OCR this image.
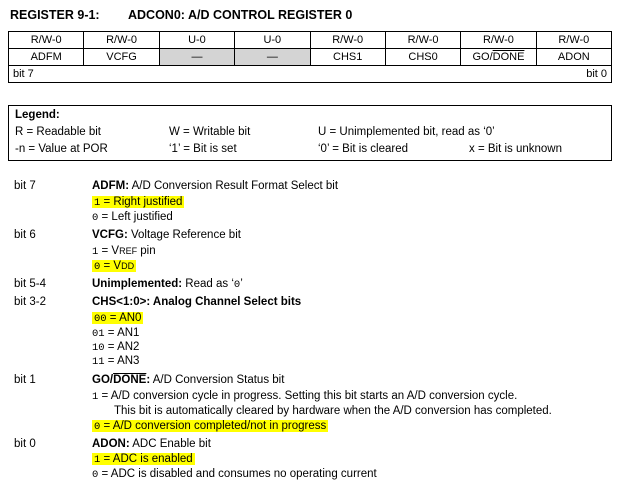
REGISTER 9-1: ADCON0: A/D CONTROL REGISTER 0
R/W-0	R/W-0	U-0	U-0	R/W-0	R/W-0	R/W-0	R/W-0
ADFM	VCFG	—	—	CHS1	CHS0	GO/DONE	ADON
bit 7 bit 0							
Legend:
R = Readable bit	W = Writable bit	U = Unimplemented bit, read as ‘0’
-n = Value at POR	‘1’ = Bit is set	‘0’ = Bit is cleared	x = Bit is unknown
bit 7	ADFM: A/D Conversion Result Format Select bit
1 = Right justified
0 = Left justified
bit 6	VCFG: Voltage Reference bit
1 = VREF pin
0 = VDD
bit 5-4	Unimplemented: Read as ‘0’
bit 3-2	CHS<1:0>: Analog Channel Select bits
00 = AN0
01 = AN1
10 = AN2
11 = AN3
bit 1	GO/DONE: A/D Conversion Status bit
1 = A/D conversion cycle in progress. Setting this bit starts an A/D conversion cycle.
This bit is automatically cleared by hardware when the A/D conversion has completed.
0 = A/D conversion completed/not in progress
bit 0	ADON: ADC Enable bit
1 = ADC is enabled
0 = ADC is disabled and consumes no operating current
